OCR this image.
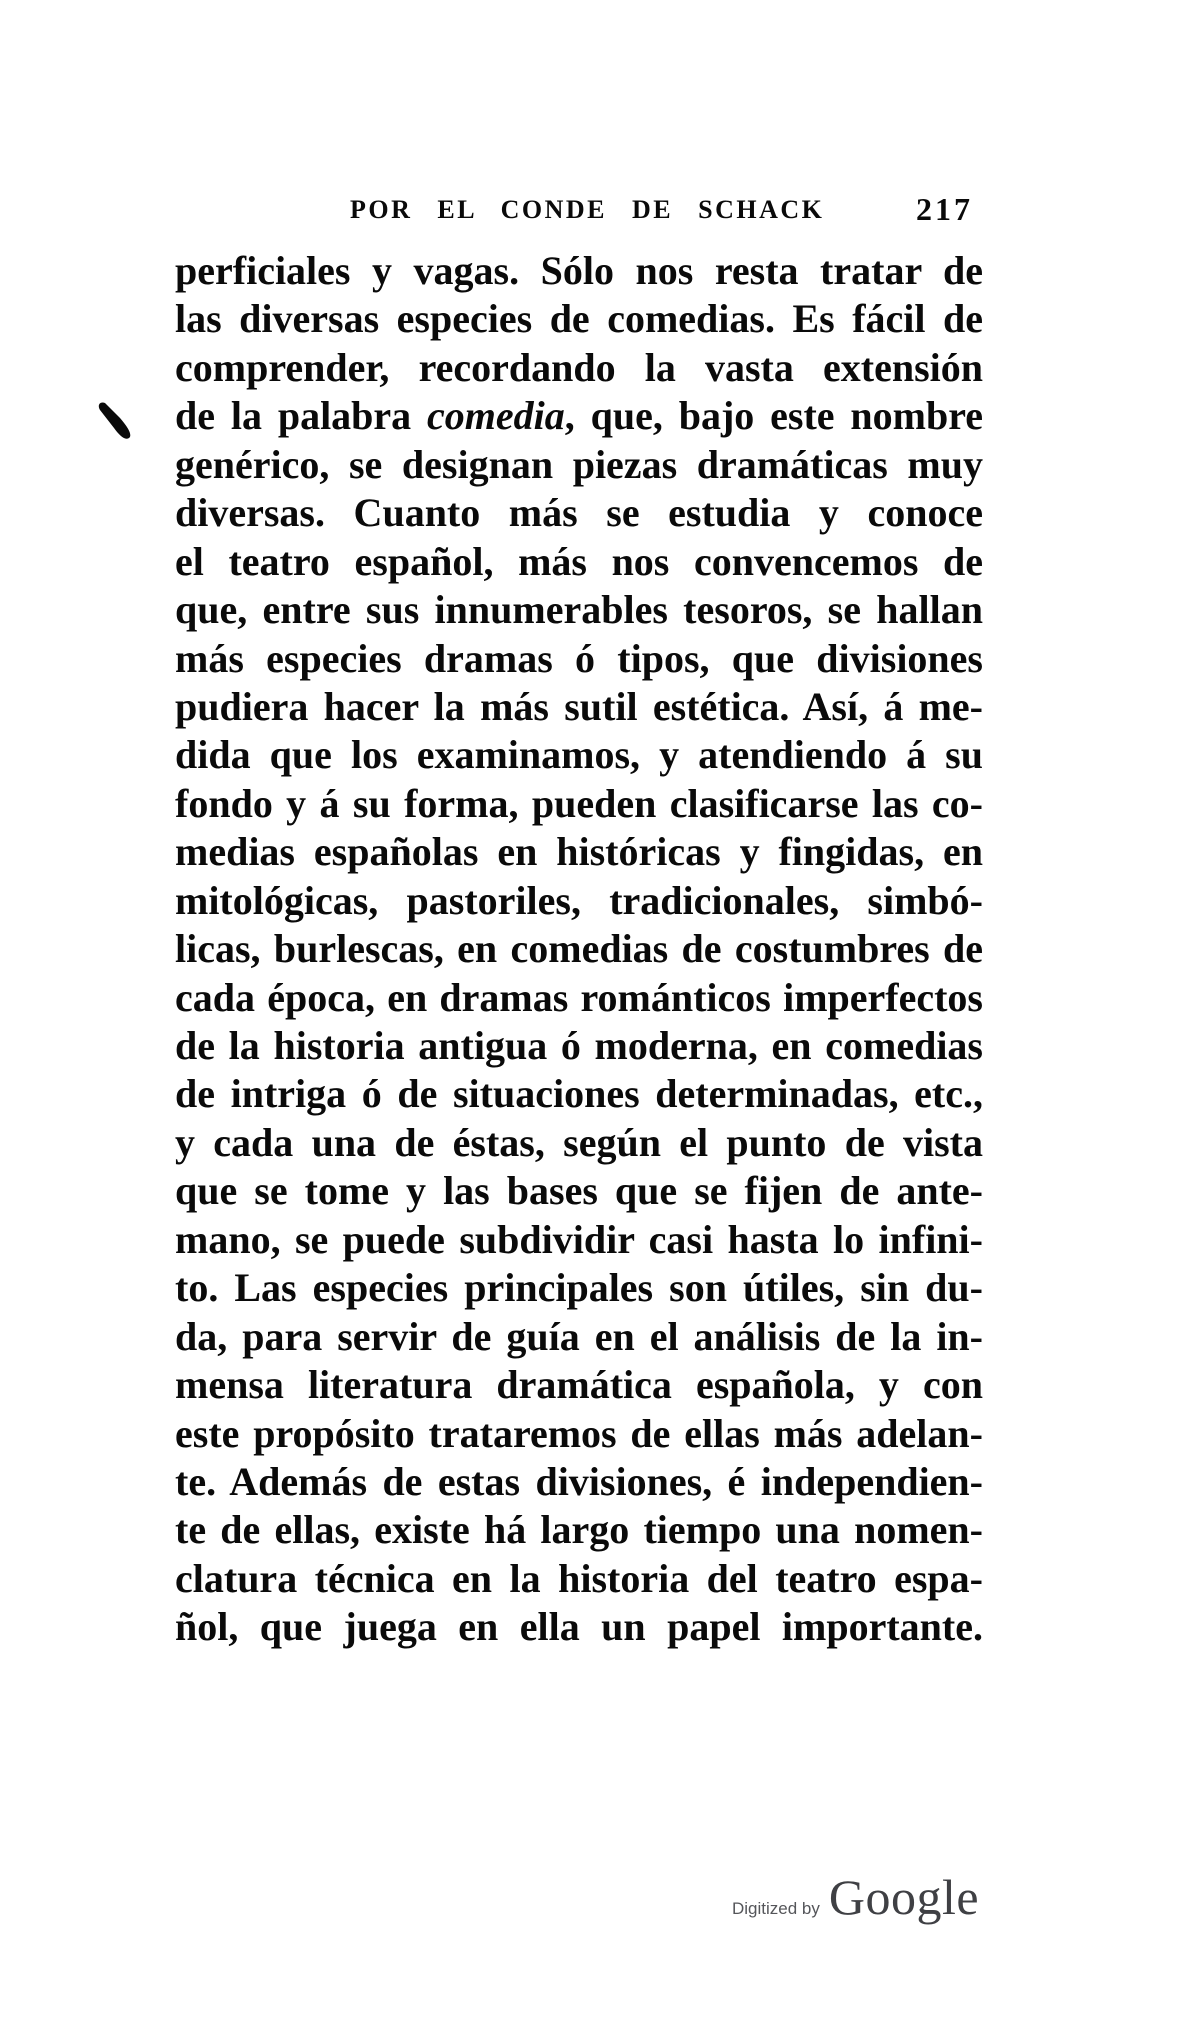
POR EL CONDE DE SCHACK	217
perficiales y vagas. Sólo nos resta tratar de
las diversas especies de comedias. Es fácil de
comprender, recordando la vasta extensión
de la palabra comedia, que, bajo este nombre
genérico, se designan piezas dramáticas muy
diversas. Cuanto más se estudia y conoce
el teatro español, más nos convencemos de
que, entre sus innumerables tesoros, se hallan
más especies dramas ó tipos, que divisiones
pudiera hacer la más sutil estética. Así, á me-
dida que los examinamos, y atendiendo á su
fondo y á su forma, pueden clasificarse las co-
medias españolas en históricas y fingidas, en
mitológicas, pastoriles, tradicionales, simbó-
licas, burlescas, en comedias de costumbres de
cada época, en dramas románticos imperfectos
de la historia antigua ó moderna, en comedias
de intriga ó de situaciones determinadas, etc.,
y cada una de éstas, según el punto de vista
que se tome y las bases que se fijen de ante-
mano, se puede subdividir casi hasta lo infini-
to. Las especies principales son útiles, sin du-
da, para servir de guía en el análisis de la in-
mensa literatura dramática española, y con
este propósito trataremos de ellas más adelan-
te. Además de estas divisiones, é independien-
te de ellas, existe há largo tiempo una nomen-
clatura técnica en la historia del teatro espa-
ñol, que juega en ella un papel importante.
Digitized by Google
